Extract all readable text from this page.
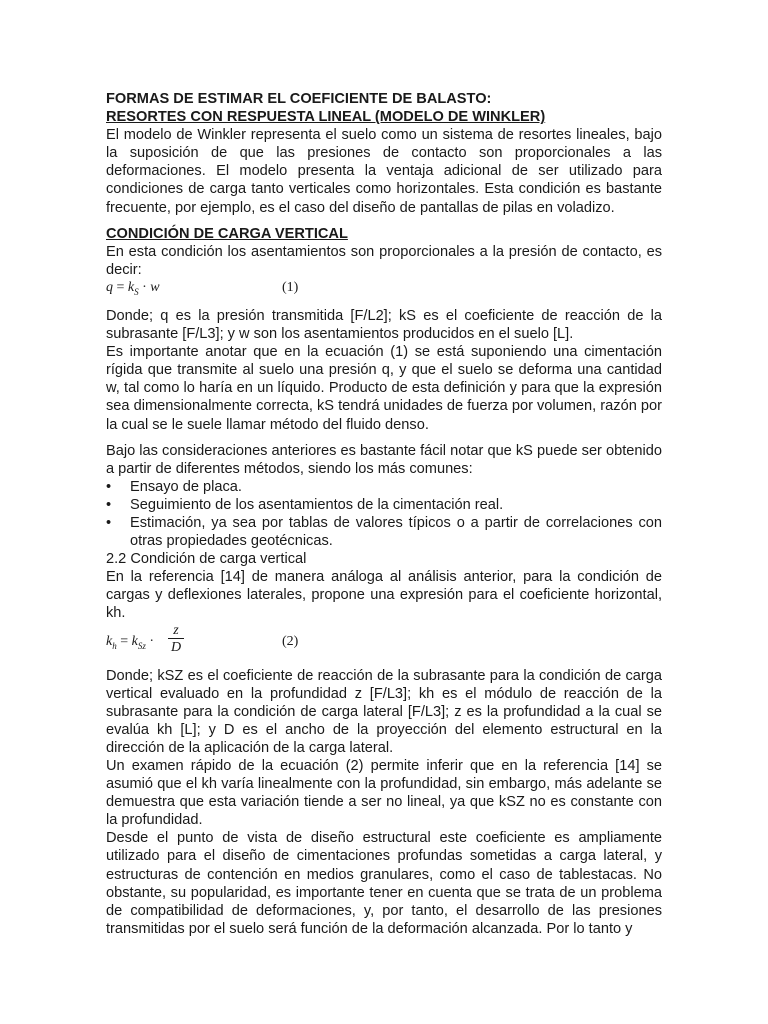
FORMAS DE ESTIMAR EL COEFICIENTE DE BALASTO:

RESORTES CON RESPUESTA LINEAL (MODELO DE WINKLER)

El modelo de Winkler representa el suelo como un sistema de resortes lineales, bajo la suposición de que las presiones de contacto son proporcionales a las deformaciones. El modelo presenta la ventaja adicional de ser utilizado para condiciones de carga tanto verticales como horizontales. Esta condición es bastante frecuente, por ejemplo, es el caso del diseño de pantallas de pilas en voladizo.

CONDICIÓN DE CARGA VERTICAL

En esta condición los asentamientos son proporcionales a la presión de contacto, es decir:

$q = k_S \cdot w$	(1)

Donde; q es la presión transmitida [F/L2]; kS es el coeficiente de reacción de la subrasante [F/L3]; y w son los asentamientos producidos en el suelo [L].

Es importante anotar que en la ecuación (1) se está suponiendo una cimentación rígida que transmite al suelo una presión q, y que el suelo se deforma una cantidad w, tal como lo haría en un líquido. Producto de esta definición y para que la expresión sea dimensionalmente correcta, kS tendrá unidades de fuerza por volumen, razón por la cual se le suele llamar método del fluido denso.

Bajo las consideraciones anteriores es bastante fácil notar que kS puede ser obtenido a partir de diferentes métodos, siendo los más comunes:

• Ensayo de placa.
• Seguimiento de los asentamientos de la cimentación real.
• Estimación, ya sea por tablas de valores típicos o a partir de correlaciones con otras propiedades geotécnicas.

2.2 Condición de carga vertical

En la referencia [14] de manera análoga al análisis anterior, para la condición de cargas y deflexiones laterales, propone una expresión para el coeficiente horizontal, kh.

$k_h = k_{Sz}$ ·
z
D	(2)

Donde; kSZ es el coeficiente de reacción de la subrasante para la condición de carga vertical evaluado en la profundidad z [F/L3]; kh es el módulo de reacción de la subrasante para la condición de carga lateral [F/L3]; z es la profundidad a la cual se evalúa kh [L]; y D es el ancho de la proyección del elemento estructural en la dirección de la aplicación de la carga lateral.

Un examen rápido de la ecuación (2) permite inferir que en la referencia [14] se asumió que el kh varía linealmente con la profundidad, sin embargo, más adelante se demuestra que esta variación tiende a ser no lineal, ya que kSZ no es constante con la profundidad.

Desde el punto de vista de diseño estructural este coeficiente es ampliamente utilizado para el diseño de cimentaciones profundas sometidas a carga lateral, y estructuras de contención en medios granulares, como el caso de tablestacas. No obstante, su popularidad, es importante tener en cuenta que se trata de un problema de compatibilidad de deformaciones, y, por tanto, el desarrollo de las presiones transmitidas por el suelo será función de la deformación alcanzada. Por lo tanto y
